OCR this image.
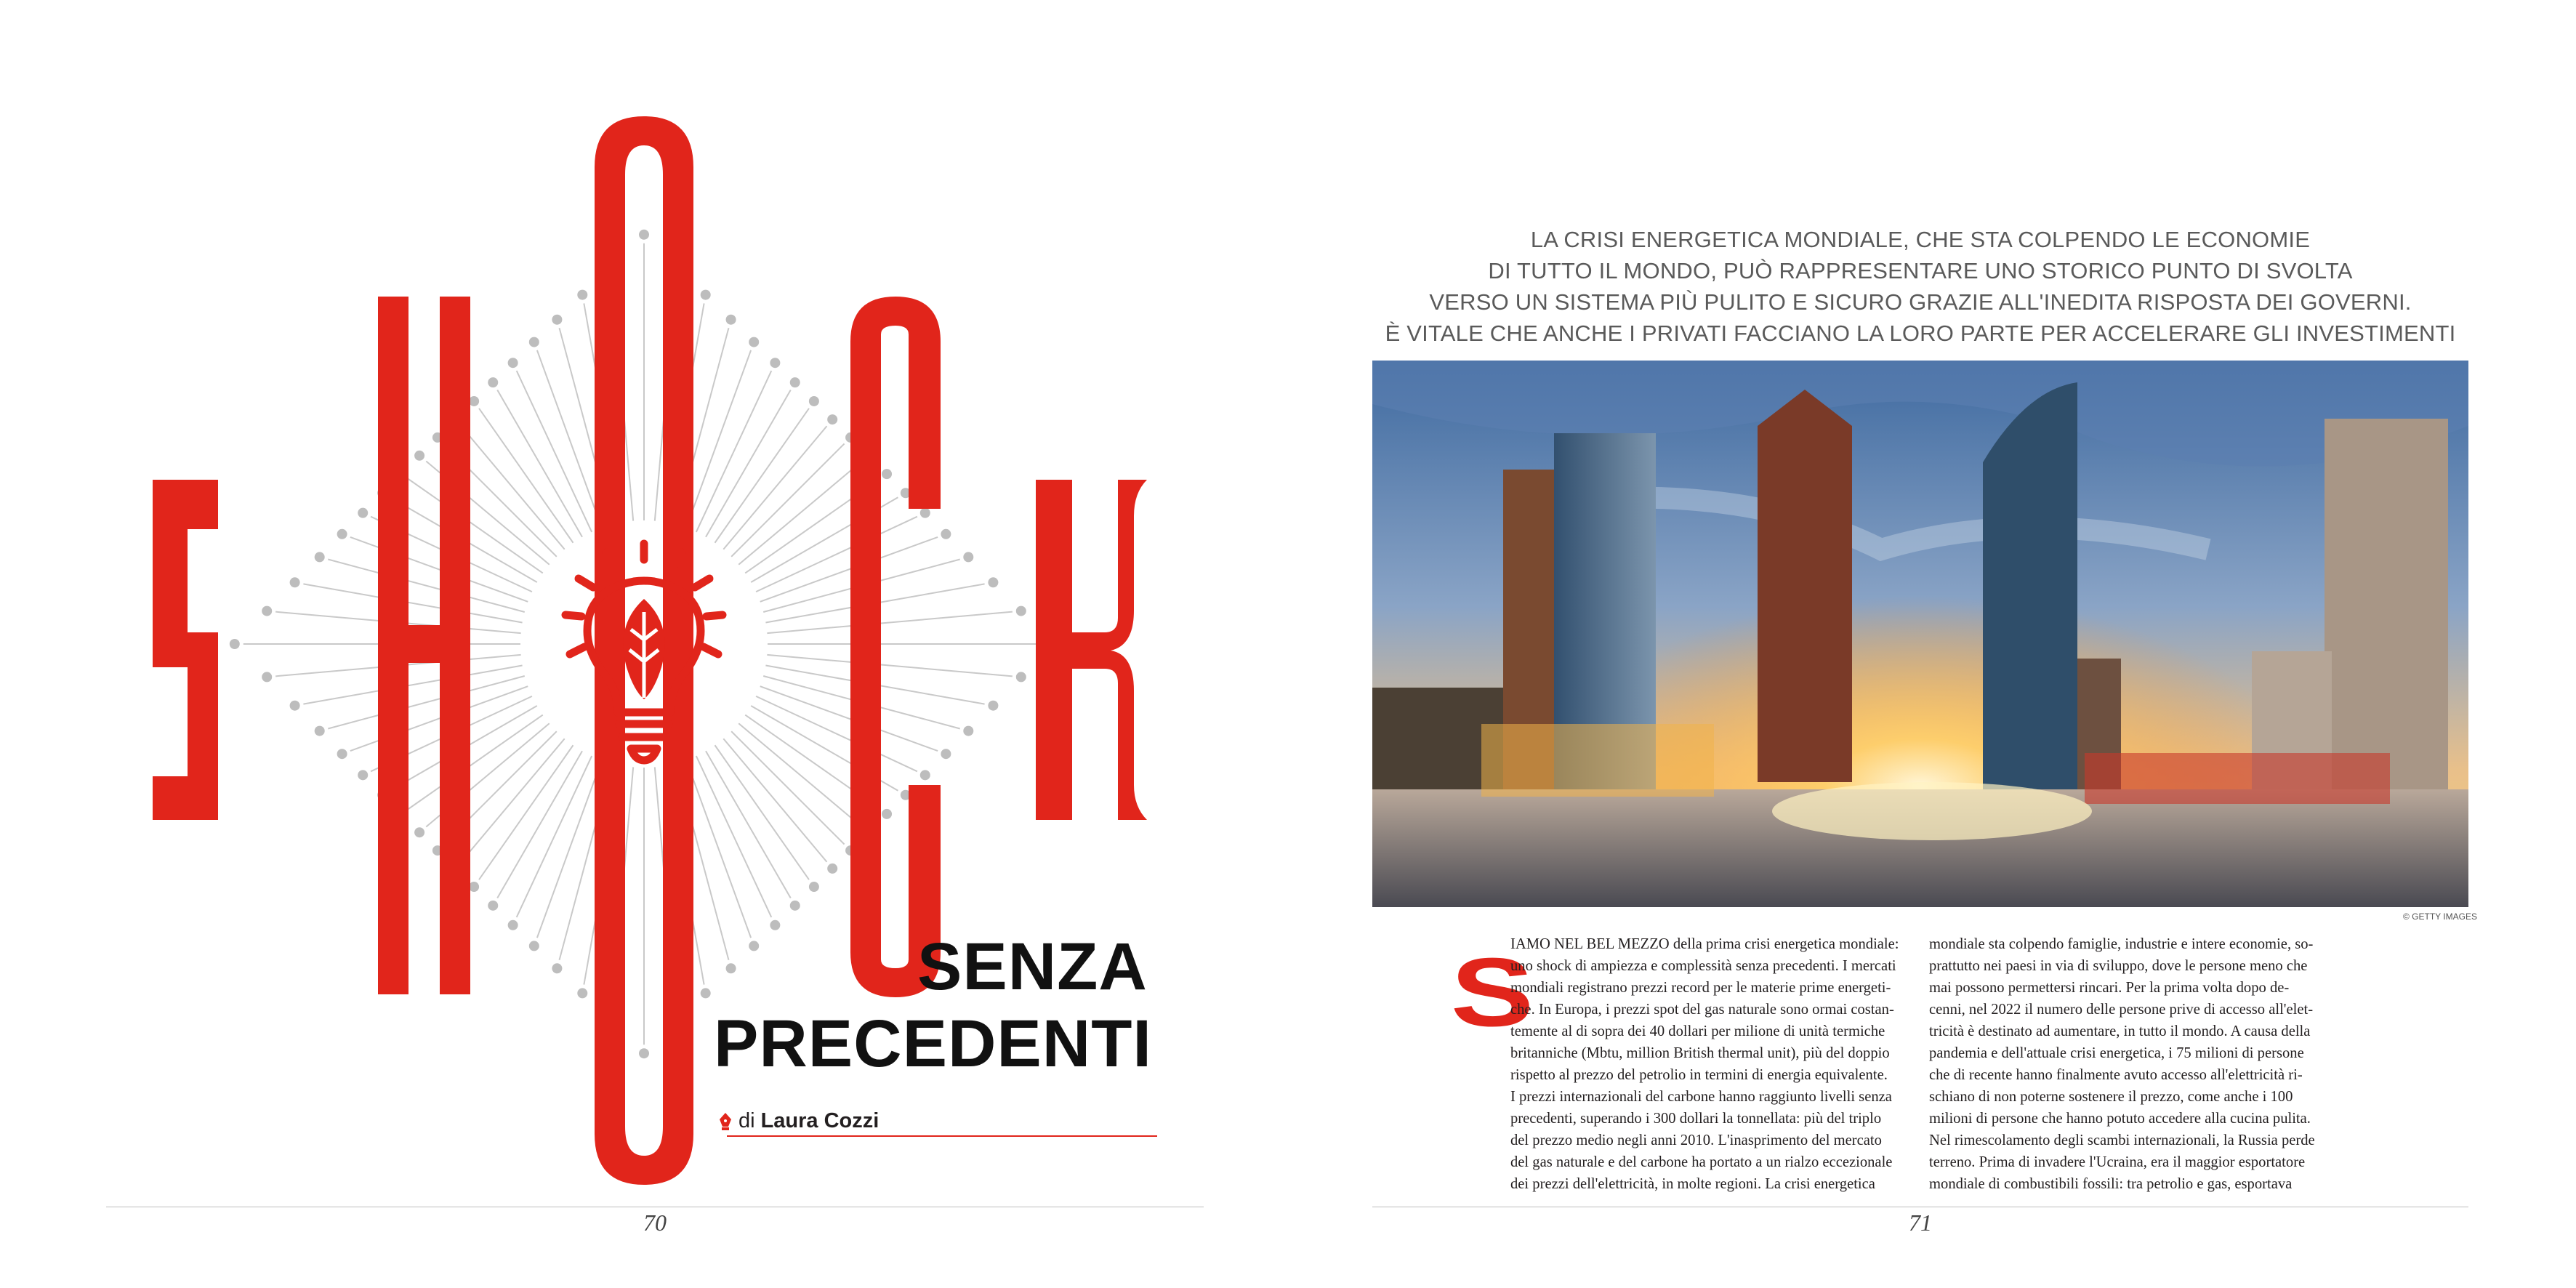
SENZA
PRECEDENTI
di Laura Cozzi
70
LA CRISI ENERGETICA MONDIALE, CHE STA COLPENDO LE ECONOMIE
DI TUTTO IL MONDO, PUÒ RAPPRESENTARE UNO STORICO PUNTO DI SVOLTA
VERSO UN SISTEMA PIÙ PULITO E SICURO GRAZIE ALL'INEDITA RISPOSTA DEI GOVERNI.
È VITALE CHE ANCHE I PRIVATI FACCIANO LA LORO PARTE PER ACCELERARE GLI INVESTIMENTI
© GETTY IMAGES
S
IAMO NEL BEL MEZZO della prima crisi energetica mondiale:
uno shock di ampiezza e complessità senza precedenti. I mercati
mondiali registrano prezzi record per le materie prime energeti-
che. In Europa, i prezzi spot del gas naturale sono ormai costan-
temente al di sopra dei 40 dollari per milione di unità termiche
britanniche (Mbtu, million British thermal unit), più del doppio
rispetto al prezzo del petrolio in termini di energia equivalente.
I prezzi internazionali del carbone hanno raggiunto livelli senza
precedenti, superando i 300 dollari la tonnellata: più del triplo
del prezzo medio negli anni 2010. L'inasprimento del mercato
del gas naturale e del carbone ha portato a un rialzo eccezionale
dei prezzi dell'elettricità, in molte regioni. La crisi energetica
mondiale sta colpendo famiglie, industrie e intere economie, so-
prattutto nei paesi in via di sviluppo, dove le persone meno che
mai possono permettersi rincari. Per la prima volta dopo de-
cenni, nel 2022 il numero delle persone prive di accesso all'elet-
tricità è destinato ad aumentare, in tutto il mondo. A causa della
pandemia e dell'attuale crisi energetica, i 75 milioni di persone
che di recente hanno finalmente avuto accesso all'elettricità ri-
schiano di non poterne sostenere il prezzo, come anche i 100
milioni di persone che hanno potuto accedere alla cucina pulita.
Nel rimescolamento degli scambi internazionali, la Russia perde
terreno. Prima di invadere l'Ucraina, era il maggior esportatore
mondiale di combustibili fossili: tra petrolio e gas, esportava
71
